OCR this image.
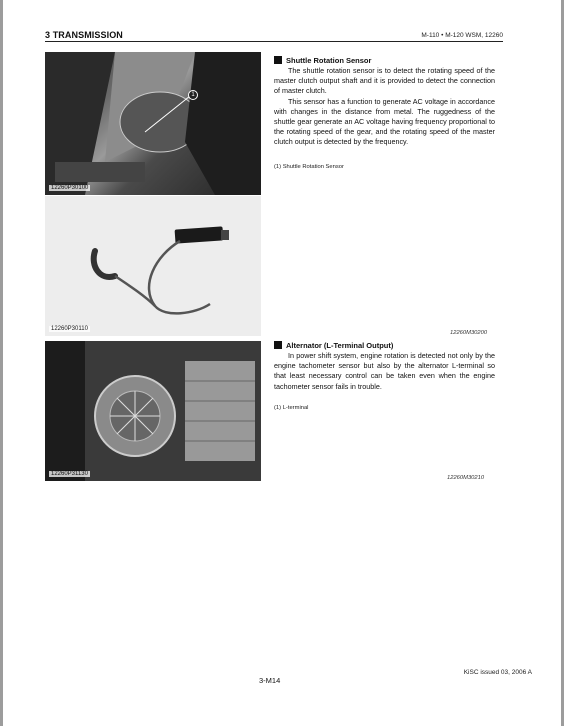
3 TRANSMISSION	M-110 • M-120 WSM, 12260
1
12260P30100
12260P30110
12260P31130
Shuttle Rotation Sensor

The shuttle rotation sensor is to detect the rotating speed of the master clutch output shaft and it is provided to detect the connection of master clutch.

This sensor has a function to generate AC voltage in accordance with changes in the distance from metal. The ruggedness of the shuttle gear generate an AC voltage having frequency proportional to the rotating speed of the gear, and the rotating speed of the master clutch output is detected by the frequency.

(1) Shuttle Rotation Sensor
12260M30200
Alternator (L-Terminal Output)

In power shift system, engine rotation is detected not only by the engine tachometer sensor but also by the alternator L-terminal so that least necessary control can be taken even when the engine tachometer sensor fails in trouble.

(1) L-terminal
12260M30210
3-M14
KiSC issued 03, 2006 A
